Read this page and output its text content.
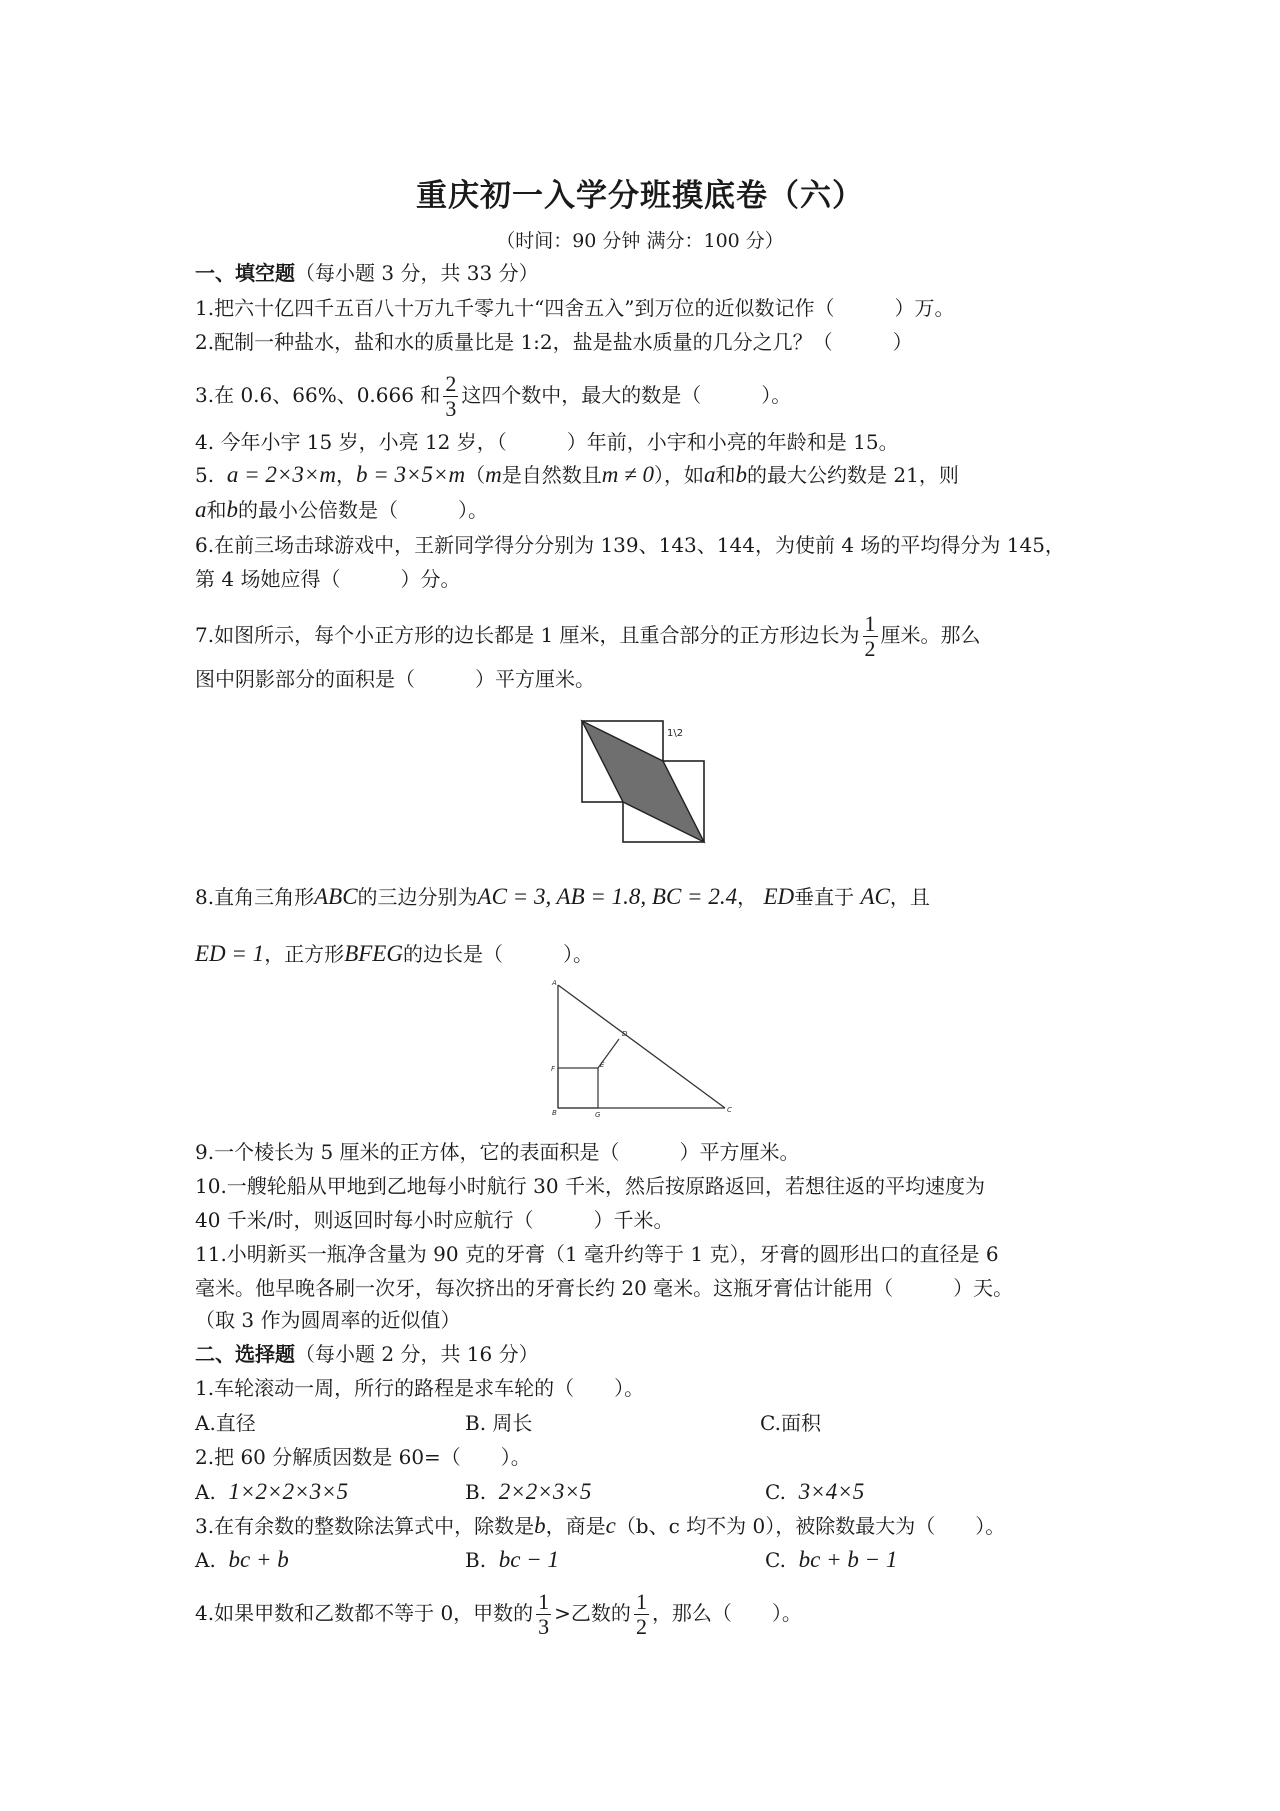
重庆初一入学分班摸底卷（六）
（时间：90 分钟 满分：100 分）
一、填空题（每小题 3 分，共 33 分）
1.把六十亿四千五百八十万九千零九十“四舍五入”到万位的近似数记作（　　　）万。
2.配制一种盐水，盐和水的质量比是 1:2，盐是盐水质量的几分之几？（　　　）
3.在 0.6、66%、0.666 和 $\frac{2}{3}$ 这四个数中，最大的数是（　　　）。
4. 今年小宇 15 岁，小亮 12 岁，（　　　）年前，小宇和小亮的年龄和是 15。
5. a = 2×3×m，b = 3×5×m（m是自然数且m ≠ 0），如a和b的最大公约数是 21，则
a和b的最小公倍数是（　　　）。
6.在前三场击球游戏中，王新同学得分分别为 139、143、144，为使前 4 场的平均得分为 145，
第 4 场她应得（　　　）分。
7.如图所示，每个小正方形的边长都是 1 厘米，且重合部分的正方形边长为 $\frac{1}{2}$ 厘米。那么
图中阴影部分的面积是（　　　）平方厘米。
1\2
8.直角三角形ABC的三边分别为AC = 3, AB = 1.8, BC = 2.4， ED垂直于 AC，且
ED = 1，正方形BFEG的边长是（　　　）。
A
B	C
D
E
F
G
9.一个棱长为 5 厘米的正方体，它的表面积是（　　　）平方厘米。
10.一艘轮船从甲地到乙地每小时航行 30 千米，然后按原路返回，若想往返的平均速度为
40 千米/时，则返回时每小时应航行（　　　）千米。
11.小明新买一瓶净含量为 90 克的牙膏（1 毫升约等于 1 克），牙膏的圆形出口的直径是 6
毫米。他早晚各刷一次牙，每次挤出的牙膏长约 20 毫米。这瓶牙膏估计能用（　　　）天。
（取 3 作为圆周率的近似值）
二、选择题（每小题 2 分，共 16 分）
1.车轮滚动一周，所行的路程是求车轮的（　　）。
A.直径	B. 周长	C.面积
2.把 60 分解质因数是 60=（　　）。
A. 1×2×2×3×5	B. 2×2×3×5	C. 3×4×5
3.在有余数的整数除法算式中，除数是b，商是c（b、c 均不为 0），被除数最大为（　　）。
A. bc + b	B. bc − 1	C. bc + b − 1
4.如果甲数和乙数都不等于 0，甲数的 $\frac{1}{3}$ >乙数的 $\frac{1}{2}$ ，那么（　　）。
